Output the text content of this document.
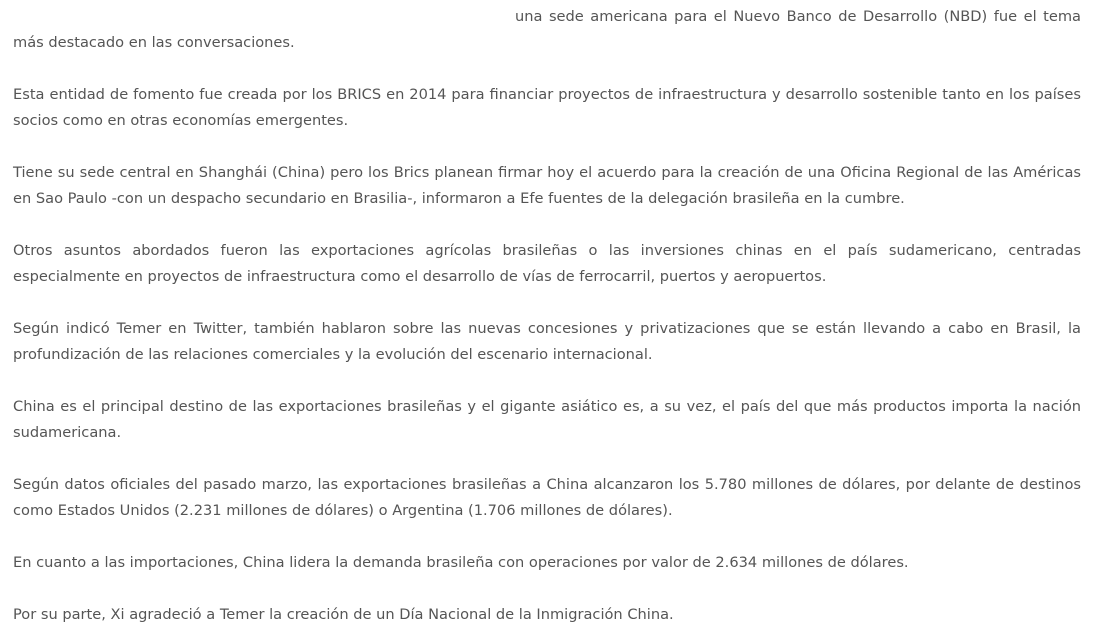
una sede americana para el Nuevo Banco de Desarrollo (NBD) fue el tema más destacado en las conversaciones.

Esta entidad de fomento fue creada por los BRICS en 2014 para financiar proyectos de infraestructura y desarrollo sostenible tanto en los países socios como en otras economías emergentes.

Tiene su sede central en Shanghái (China) pero los Brics planean firmar hoy el acuerdo para la creación de una Oficina Regional de las Américas en Sao Paulo -con un despacho secundario en Brasilia-, informaron a Efe fuentes de la delegación brasileña en la cumbre.

Otros asuntos abordados fueron las exportaciones agrícolas brasileñas o las inversiones chinas en el país sudamericano, centradas especialmente en proyectos de infraestructura como el desarrollo de vías de ferrocarril, puertos y aeropuertos.

Según indicó Temer en Twitter, también hablaron sobre las nuevas concesiones y privatizaciones que se están llevando a cabo en Brasil, la profundización de las relaciones comerciales y la evolución del escenario internacional.

China es el principal destino de las exportaciones brasileñas y el gigante asiático es, a su vez, el país del que más productos importa la nación sudamericana.

Según datos oficiales del pasado marzo, las exportaciones brasileñas a China alcanzaron los 5.780 millones de dólares, por delante de destinos como Estados Unidos (2.231 millones de dólares) o Argentina (1.706 millones de dólares).

En cuanto a las importaciones, China lidera la demanda brasileña con operaciones por valor de 2.634 millones de dólares.

Por su parte, Xi agradeció a Temer la creación de un Día Nacional de la Inmigración China.
